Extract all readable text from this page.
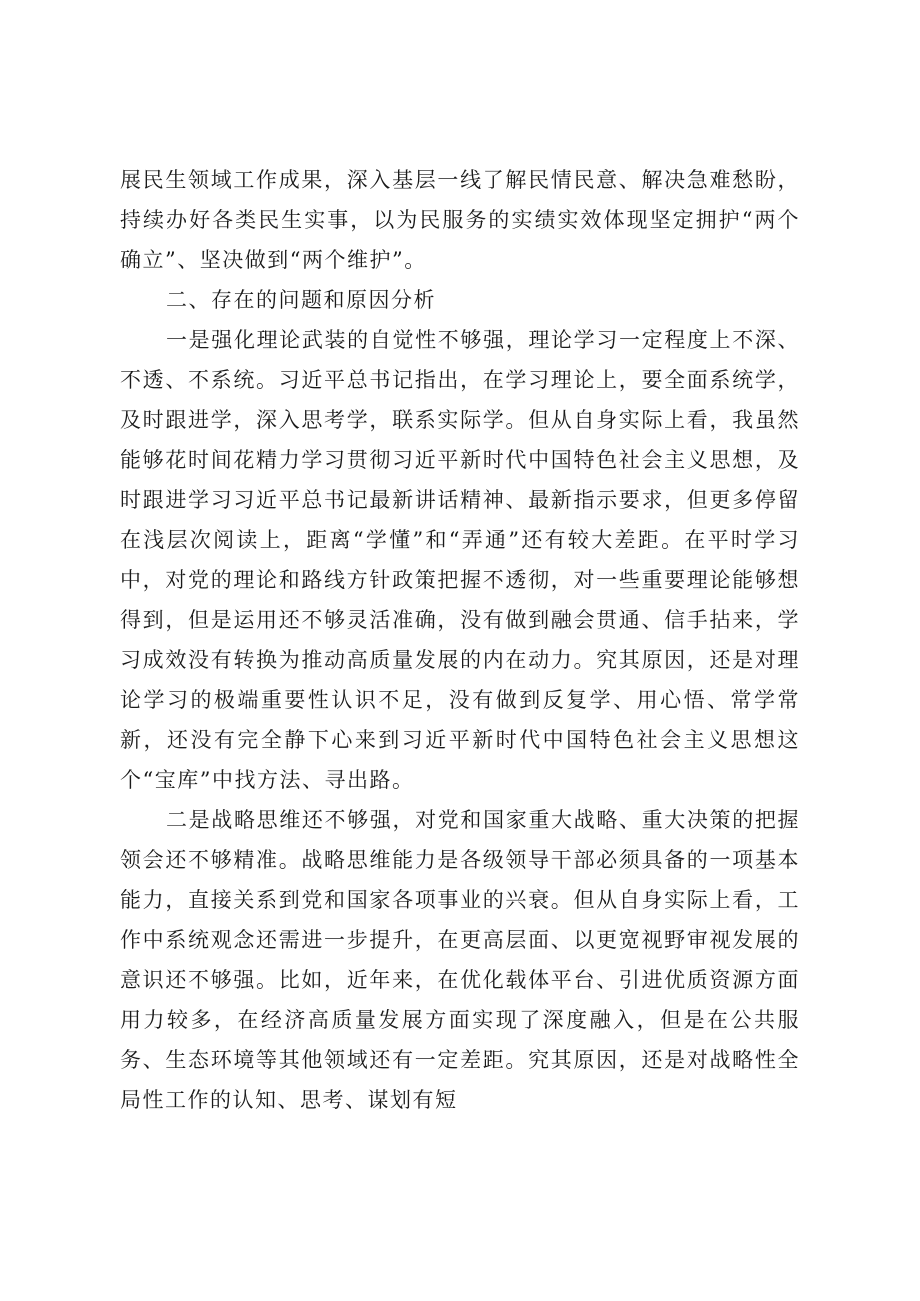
展民生领域工作成果，深入基层一线了解民情民意、解决急难愁盼，持续办好各类民生实事，以为民服务的实绩实效体现坚定拥护“两个确立”、坚决做到“两个维护”。

二、存在的问题和原因分析

一是强化理论武装的自觉性不够强，理论学习一定程度上不深、不透、不系统。习近平总书记指出，在学习理论上，要全面系统学，及时跟进学，深入思考学，联系实际学。但从自身实际上看，我虽然能够花时间花精力学习贯彻习近平新时代中国特色社会主义思想，及时跟进学习习近平总书记最新讲话精神、最新指示要求，但更多停留在浅层次阅读上，距离“学懂”和“弄通”还有较大差距。在平时学习中，对党的理论和路线方针政策把握不透彻，对一些重要理论能够想得到，但是运用还不够灵活准确，没有做到融会贯通、信手拈来，学习成效没有转换为推动高质量发展的内在动力。究其原因，还是对理论学习的极端重要性认识不足，没有做到反复学、用心悟、常学常新，还没有完全静下心来到习近平新时代中国特色社会主义思想这个“宝库”中找方法、寻出路。

二是战略思维还不够强，对党和国家重大战略、重大决策的把握领会还不够精准。战略思维能力是各级领导干部必须具备的一项基本能力，直接关系到党和国家各项事业的兴衰。但从自身实际上看，工作中系统观念还需进一步提升，在更高层面、以更宽视野审视发展的意识还不够强。比如，近年来，在优化载体平台、引进优质资源方面用力较多，在经济高质量发展方面实现了深度融入，但是在公共服务、生态环境等其他领域还有一定差距。究其原因，还是对战略性全局性工作的认知、思考、谋划有短
